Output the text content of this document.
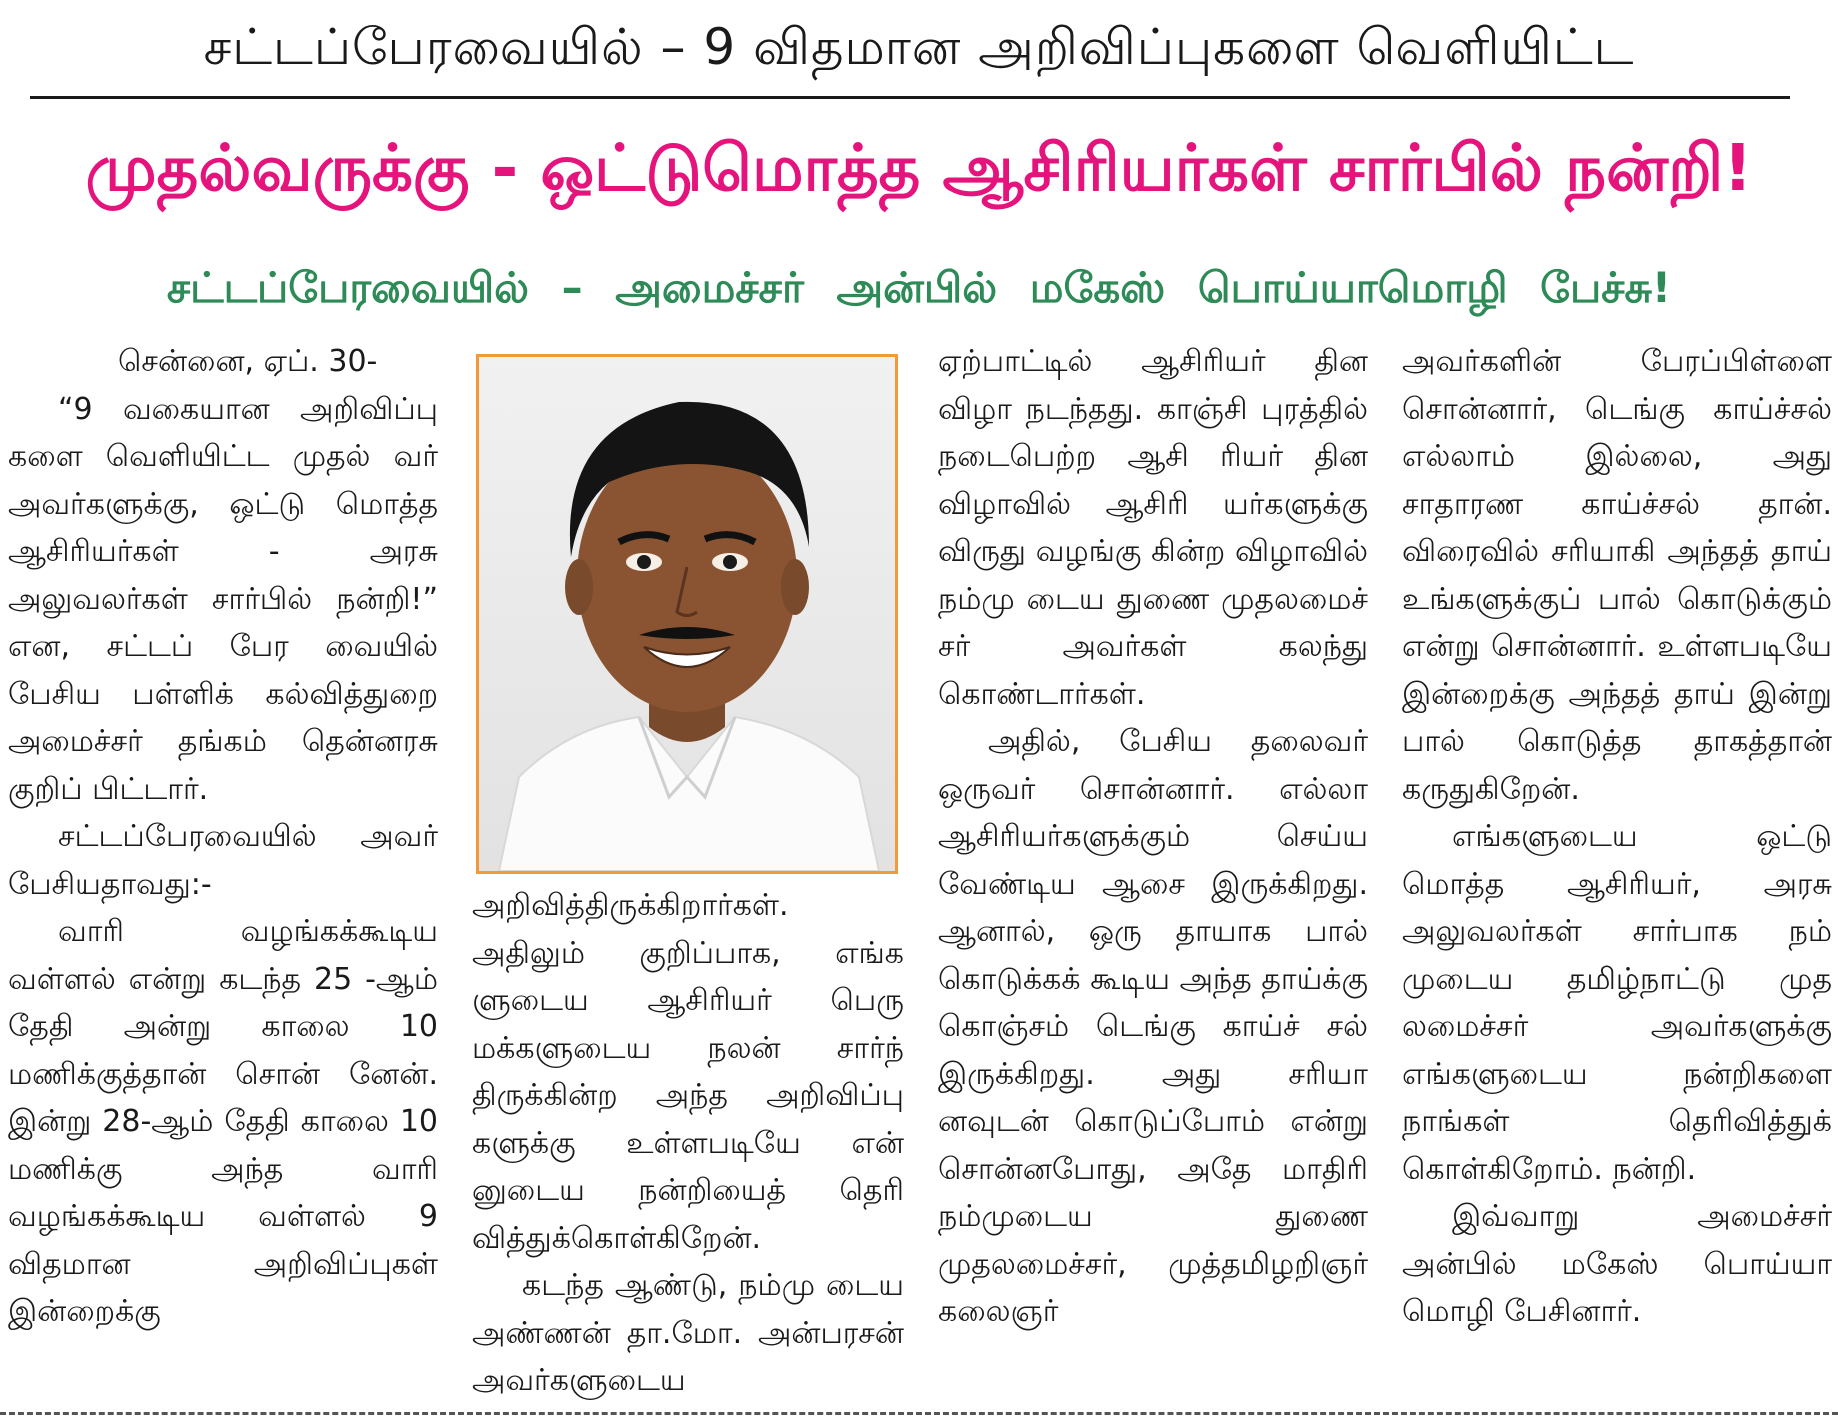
சட்டப்பேரவையில் – 9 விதமான அறிவிப்புகளை வெளியிட்ட
முதல்வருக்கு - ஒட்டுமொத்த ஆசிரியர்கள் சார்பில் நன்றி!
சட்டப்பேரவையில் – அமைச்சர் அன்பில் மகேஸ் பொய்யாமொழி பேச்சு!

சென்னை, ஏப். 30-

“9 வகையான அறிவிப்பு களை வெளியிட்ட முதல் வர் அவர்களுக்கு, ஒட்டு மொத்த ஆசிரியர்கள் - அரசு அலுவலர்கள் சார்பில் நன்றி!” என, சட்டப் பேர வையில் பேசிய பள்ளிக் கல்வித்துறை அமைச்சர் தங்கம் தென்னரசு குறிப் பிட்டார்.

சட்டப்பேரவையில் அவர் பேசியதாவது:-

வாரி வழங்கக்கூடிய வள்ளல் என்று கடந்த 25 -ஆம் தேதி அன்று காலை 10 மணிக்குத்தான் சொன் னேன். இன்று 28-ஆம் தேதி காலை 10 மணிக்கு அந்த வாரி வழங்கக்கூடிய வள்ளல் 9 விதமான அறிவிப்புகள் இன்றைக்கு

அறிவித்திருக்கிறார்கள். அதிலும் குறிப்பாக, எங்க ளுடைய ஆசிரியர் பெரு மக்களுடைய நலன் சார்ந் திருக்கின்ற அந்த அறிவிப்பு களுக்கு உள்ளபடியே என் னுடைய நன்றியைத் தெரி வித்துக்கொள்கிறேன்.

கடந்த ஆண்டு, நம்மு டைய அண்ணன் தா.மோ. அன்பரசன் அவர்களுடைய

ஏற்பாட்டில் ஆசிரியர் தின விழா நடந்தது. காஞ்சி புரத்தில் நடைபெற்ற ஆசி ரியர் தின விழாவில் ஆசிரி யர்களுக்கு விருது வழங்கு கின்ற விழாவில் நம்மு டைய துணை முதலமைச் சர் அவர்கள் கலந்து கொண்டார்கள்.

அதில், பேசிய தலைவர் ஒருவர் சொன்னார். எல்லா ஆசிரியர்களுக்கும் செய்ய வேண்டிய ஆசை இருக்கிறது. ஆனால், ஒரு தாயாக பால் கொடுக்கக் கூடிய அந்த தாய்க்கு கொஞ்சம் டெங்கு காய்ச் சல் இருக்கிறது. அது சரியா னவுடன் கொடுப்போம் என்று சொன்னபோது, அதே மாதிரி நம்முடைய துணை முதலமைச்சர், முத்தமிழறிஞர் கலைஞர்

அவர்களின் பேரப்பிள்ளை சொன்னார், டெங்கு காய்ச்சல் எல்லாம் இல்லை, அது சாதாரண காய்ச்சல் தான். விரைவில் சரியாகி அந்தத் தாய் உங்களுக்குப் பால் கொடுக்கும் என்று சொன்னார். உள்ளபடியே இன்றைக்கு அந்தத் தாய் இன்று பால் கொடுத்த தாகத்தான் கருதுகிறேன்.

எங்களுடைய ஒட்டு மொத்த ஆசிரியர், அரசு அலுவலர்கள் சார்பாக நம் முடைய தமிழ்நாட்டு முத லமைச்சர் அவர்களுக்கு எங்களுடைய நன்றிகளை நாங்கள் தெரிவித்துக் கொள்கிறோம். நன்றி.

இவ்வாறு அமைச்சர் அன்பில் மகேஸ் பொய்யா மொழி பேசினார்.
